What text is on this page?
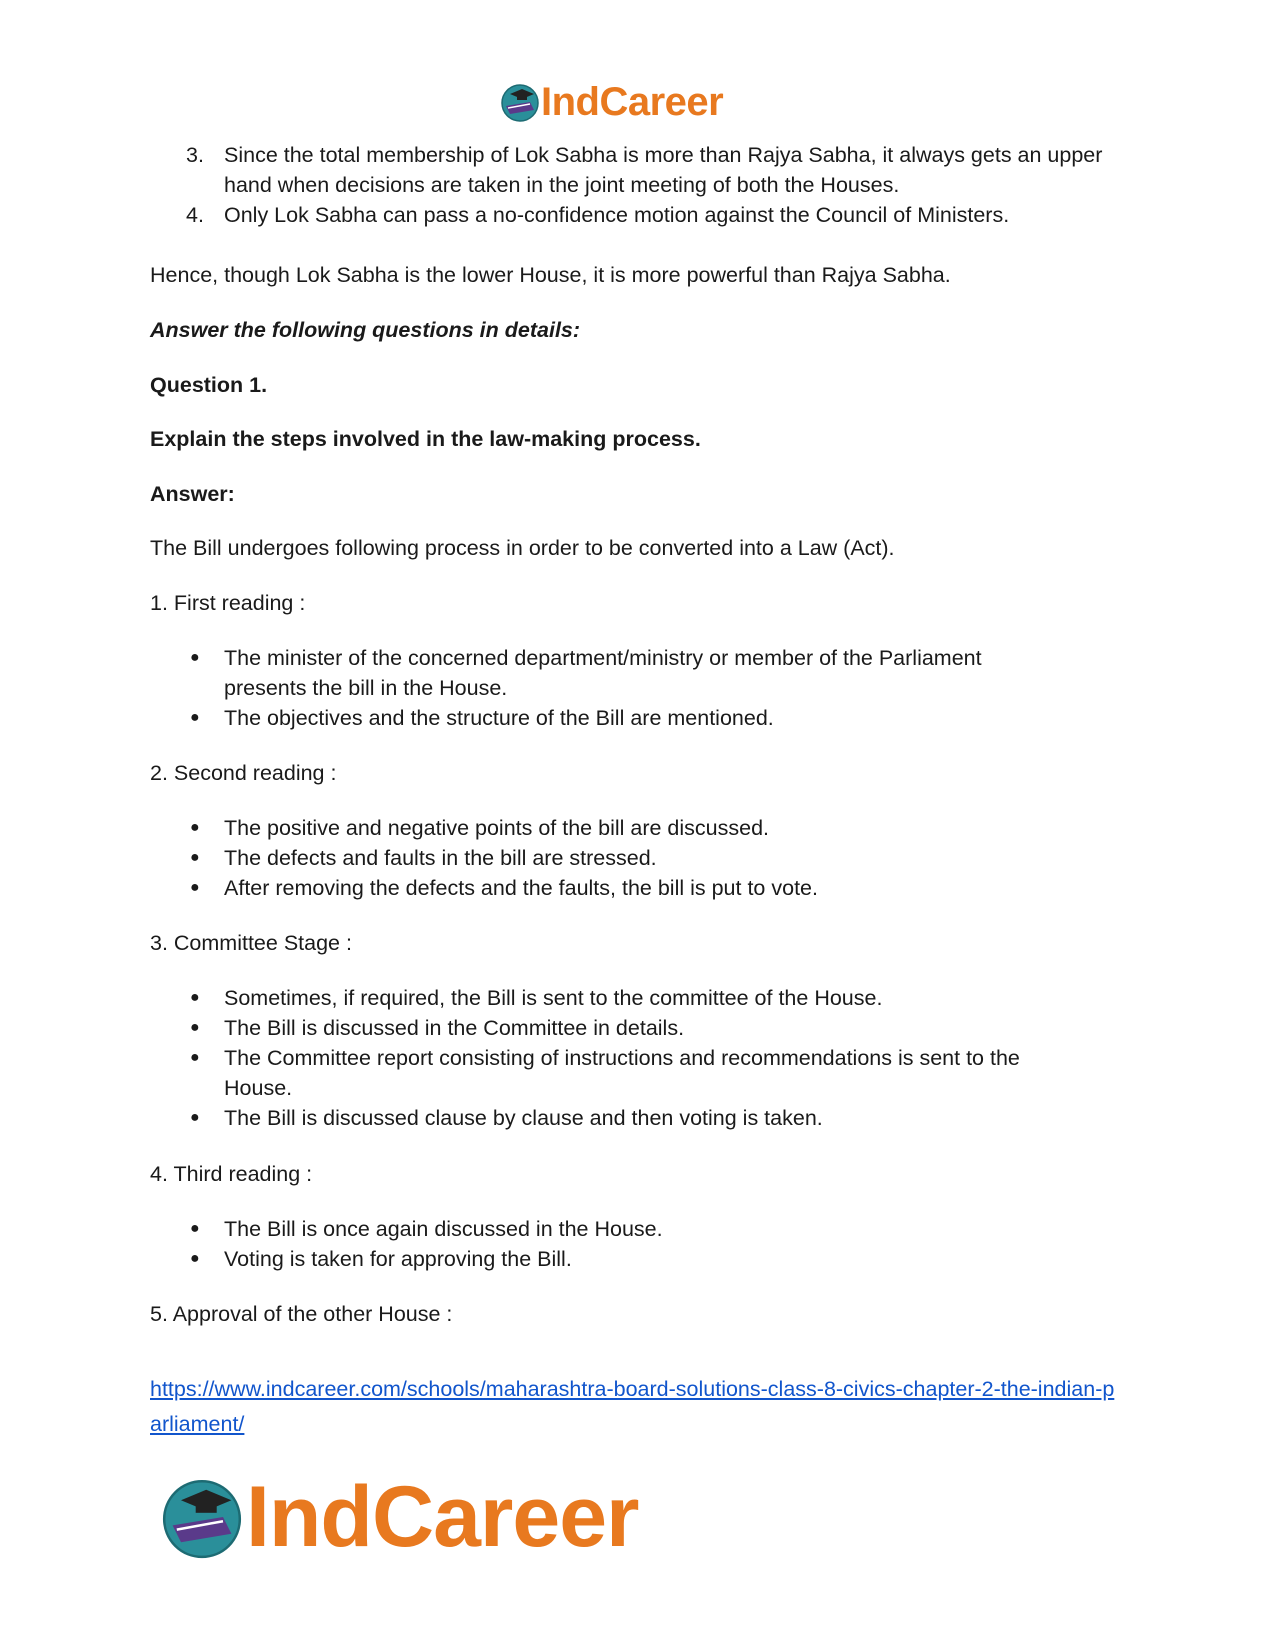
IndCareer
3. Since the total membership of Lok Sabha is more than Rajya Sabha, it always gets an upper hand when decisions are taken in the joint meeting of both the Houses.
4. Only Lok Sabha can pass a no-confidence motion against the Council of Ministers.
Hence, though Lok Sabha is the lower House, it is more powerful than Rajya Sabha.
Answer the following questions in details:
Question 1.
Explain the steps involved in the law-making process.
Answer:
The Bill undergoes following process in order to be converted into a Law (Act).
1. First reading :
● The minister of the concerned department/ministry or member of the Parliament presents the bill in the House.
● The objectives and the structure of the Bill are mentioned.
2. Second reading :
● The positive and negative points of the bill are discussed.
● The defects and faults in the bill are stressed.
● After removing the defects and the faults, the bill is put to vote.
3. Committee Stage :
● Sometimes, if required, the Bill is sent to the committee of the House.
● The Bill is discussed in the Committee in details.
● The Committee report consisting of instructions and recommendations is sent to the House.
● The Bill is discussed clause by clause and then voting is taken.
4. Third reading :
● The Bill is once again discussed in the House.
● Voting is taken for approving the Bill.
5. Approval of the other House :
https://www.indcareer.com/schools/maharashtra-board-solutions-class-8-civics-chapter-2-the-indian-parliament/
IndCareer
